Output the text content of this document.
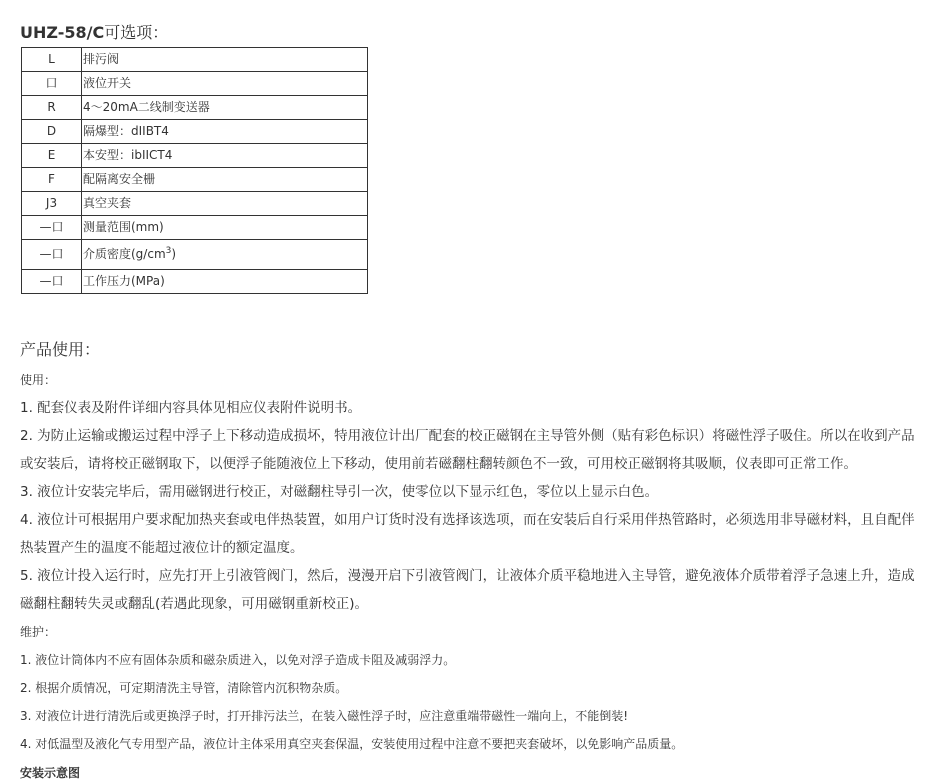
UHZ-58/C可选项：
L	排污阀
口	液位开关
R	4～20mA二线制变送器
D	隔爆型：dIIBT4
E	本安型：ibIICT4
F	配隔离安全栅
J3	真空夹套
—口	测量范围(mm)
—口	介质密度$(g/cm^3)$
—口	工作压力(MPa)
产品使用：
使用：
1. 配套仪表及附件详细内容具体见相应仪表附件说明书。
2. 为防止运输或搬运过程中浮子上下移动造成损坏，特用液位计出厂配套的校正磁钢在主导管外侧（贴有彩色标识）将磁性浮子吸住。所以在收到产品或安装后，请将校正磁钢取下，以便浮子能随液位上下移动，使用前若磁翻柱翻转颜色不一致，可用校正磁钢将其吸顺，仪表即可正常工作。
3. 液位计安装完毕后，需用磁钢进行校正，对磁翻柱导引一次，使零位以下显示红色，零位以上显示白色。
4. 液位计可根据用户要求配加热夹套或电伴热装置，如用户订货时没有选择该选项，而在安装后自行采用伴热管路时，必须选用非导磁材料，且自配伴热装置产生的温度不能超过液位计的额定温度。
5. 液位计投入运行时，应先打开上引液管阀门，然后，漫漫开启下引液管阀门，让液体介质平稳地进入主导管，避免液体介质带着浮子急速上升，造成磁翻柱翻转失灵或翻乱(若遇此现象，可用磁钢重新校正)。
维护：
1. 液位计筒体内不应有固体杂质和磁杂质进入，以免对浮子造成卡阻及减弱浮力。
2. 根据介质情况，可定期清洗主导管，清除管内沉积物杂质。
3. 对液位计进行清洗后或更换浮子时，打开排污法兰，在装入磁性浮子时，应注意重端带磁性一端向上，不能倒装!
4. 对低温型及液化气专用型产品，液位计主体采用真空夹套保温，安装使用过程中注意不要把夹套破坏，以免影响产品质量。
安装示意图
